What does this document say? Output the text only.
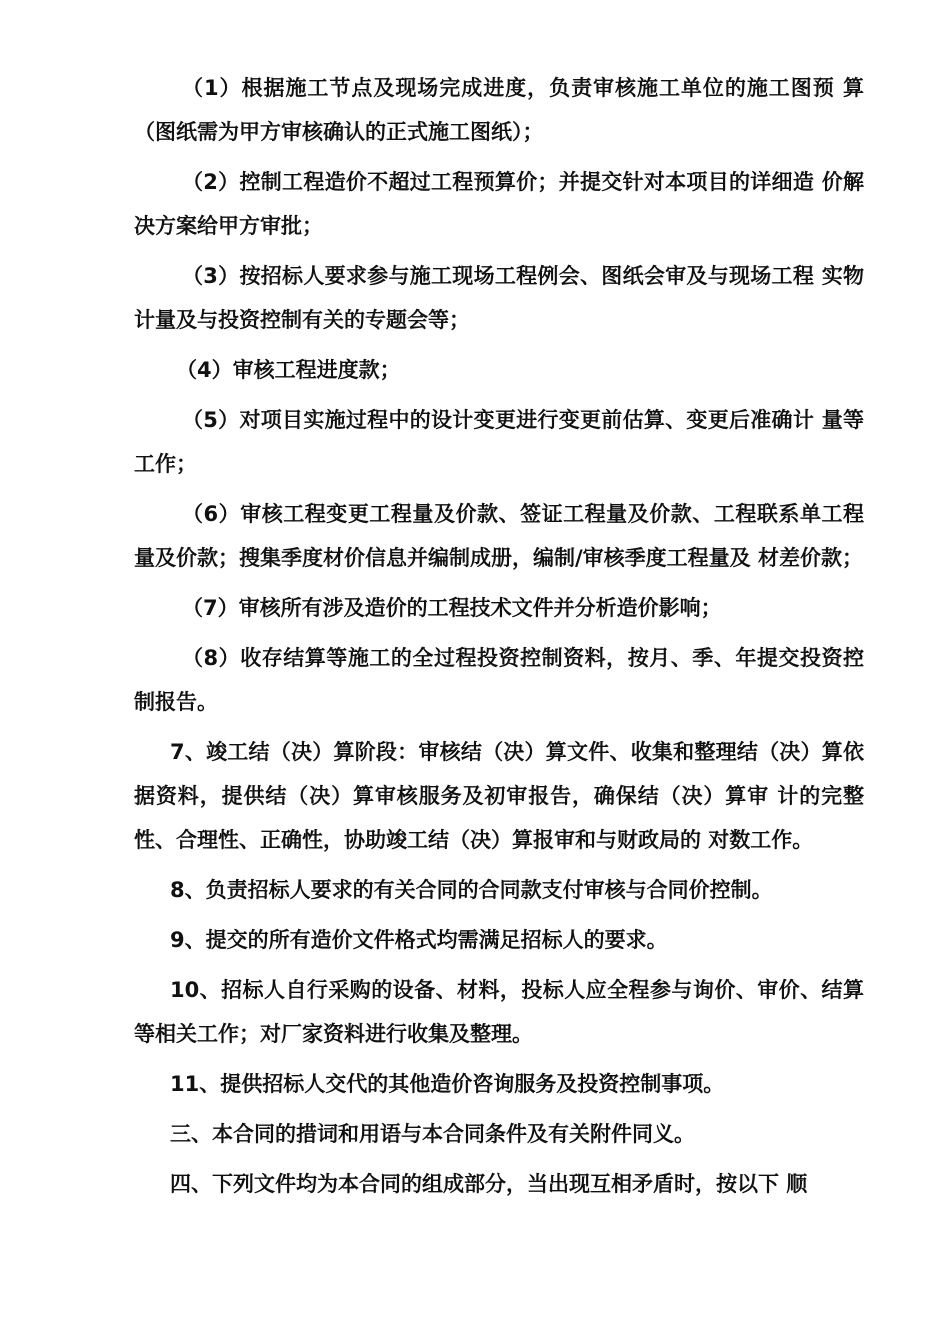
（1）根据施工节点及现场完成进度，负责审核施工单位的施工图预 算（图纸需为甲方审核确认的正式施工图纸）；

（2）控制工程造价不超过工程预算价；并提交针对本项目的详细造 价解决方案给甲方审批；

（3）按招标人要求参与施工现场工程例会、图纸会审及与现场工程 实物计量及与投资控制有关的专题会等；

（4）审核工程进度款；

（5）对项目实施过程中的设计变更进行变更前估算、变更后准确计 量等工作；

（6）审核工程变更工程量及价款、签证工程量及价款、工程联系单工程量及价款；搜集季度材价信息并编制成册，编制/审核季度工程量及 材差价款；

（7）审核所有涉及造价的工程技术文件并分析造价影响；

（8）收存结算等施工的全过程投资控制资料，按月、季、年提交投资控制报告。

7、竣工结（决）算阶段：审核结（决）算文件、收集和整理结（决）算依据资料，提供结（决）算审核服务及初审报告，确保结（决）算审 计的完整性、合理性、正确性，协助竣工结（决）算报审和与财政局的 对数工作。

8、负责招标人要求的有关合同的合同款支付审核与合同价控制。

9、提交的所有造价文件格式均需满足招标人的要求。

10、招标人自行采购的设备、材料，投标人应全程参与询价、审价、结算等相关工作；对厂家资料进行收集及整理。

11、提供招标人交代的其他造价咨询服务及投资控制事项。

三、本合同的措词和用语与本合同条件及有关附件同义。

四、下列文件均为本合同的组成部分，当出现互相矛盾时，按以下 顺
